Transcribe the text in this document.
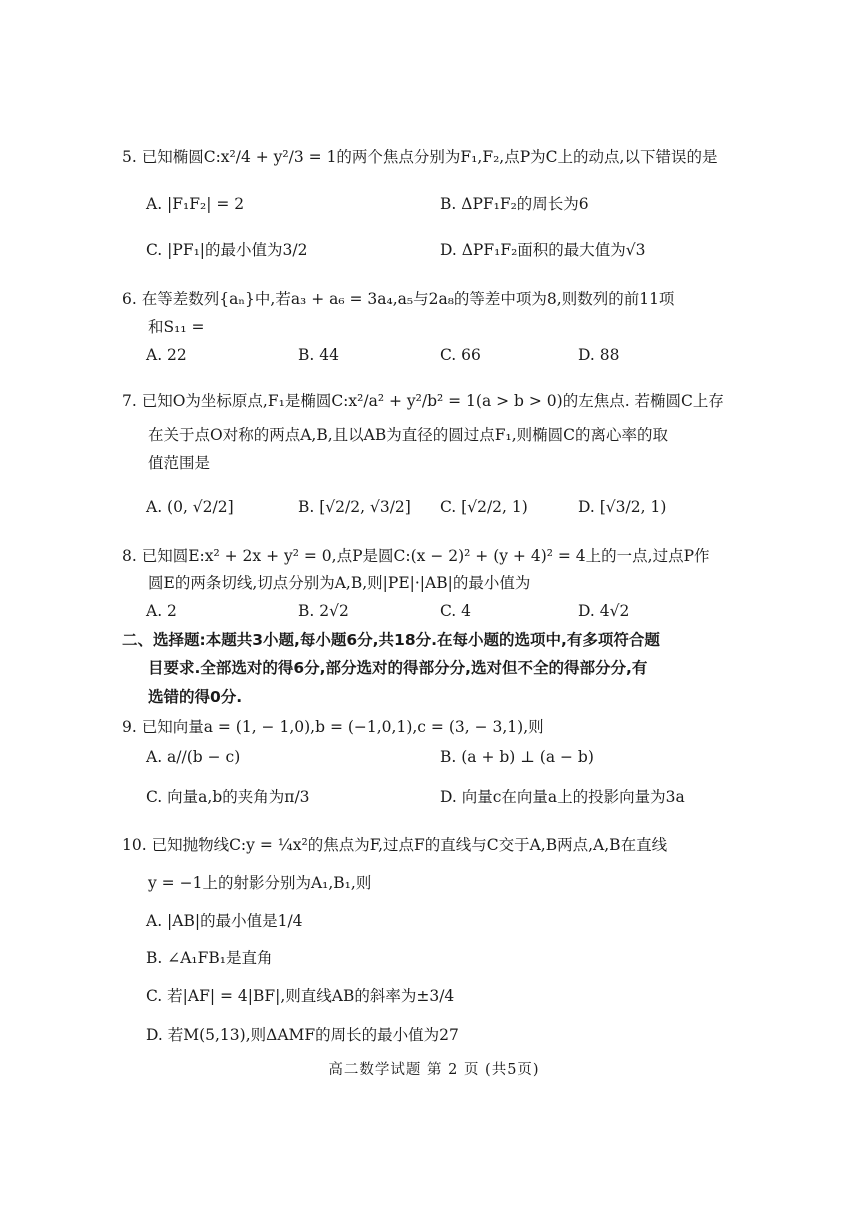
5. 已知椭圆C:x²/4 + y²/3 = 1的两个焦点分别为F₁,F₂,点P为C上的动点,以下错误的是
A. |F₁F₂| = 2	B. ΔPF₁F₂的周长为6
C. |PF₁|的最小值为3/2	D. ΔPF₁F₂面积的最大值为√3
6. 在等差数列{aₙ}中,若a₃ + a₆ = 3a₄,a₅与2a₈的等差中项为8,则数列的前11项
和S₁₁ =
A. 22	B. 44	C. 66	D. 88
7. 已知O为坐标原点,F₁是椭圆C:x²/a² + y²/b² = 1(a > b > 0)的左焦点. 若椭圆C上存
在关于点O对称的两点A,B,且以AB为直径的圆过点F₁,则椭圆C的离心率的取
值范围是
A. (0, √2/2]	B. [√2/2, √3/2] C. [√2/2, 1)	D. [√3/2, 1)
8. 已知圆E:x² + 2x + y² = 0,点P是圆C:(x − 2)² + (y + 4)² = 4上的一点,过点P作
圆E的两条切线,切点分别为A,B,则|PE|·|AB|的最小值为
A. 2	B. 2√2	C. 4	D. 4√2
二、选择题:本题共3小题,每小题6分,共18分.在每小题的选项中,有多项符合题
目要求.全部选对的得6分,部分选对的得部分分,选对但不全的得部分分,有
选错的得0分.
9. 已知向量a = (1, − 1,0),b = (−1,0,1),c = (3, − 3,1),则
A. a//(b − c)	B. (a + b) ⊥ (a − b)
C. 向量a,b的夹角为π/3	D. 向量c在向量a上的投影向量为3a
10. 已知抛物线C:y = ¼x²的焦点为F,过点F的直线与C交于A,B两点,A,B在直线
y = −1上的射影分别为A₁,B₁,则
A. |AB|的最小值是1/4
B. ∠A₁FB₁是直角
C. 若|AF| = 4|BF|,则直线AB的斜率为±3/4
D. 若M(5,13),则ΔAMF的周长的最小值为27
高二数学试题 第 2 页 (共5页)
